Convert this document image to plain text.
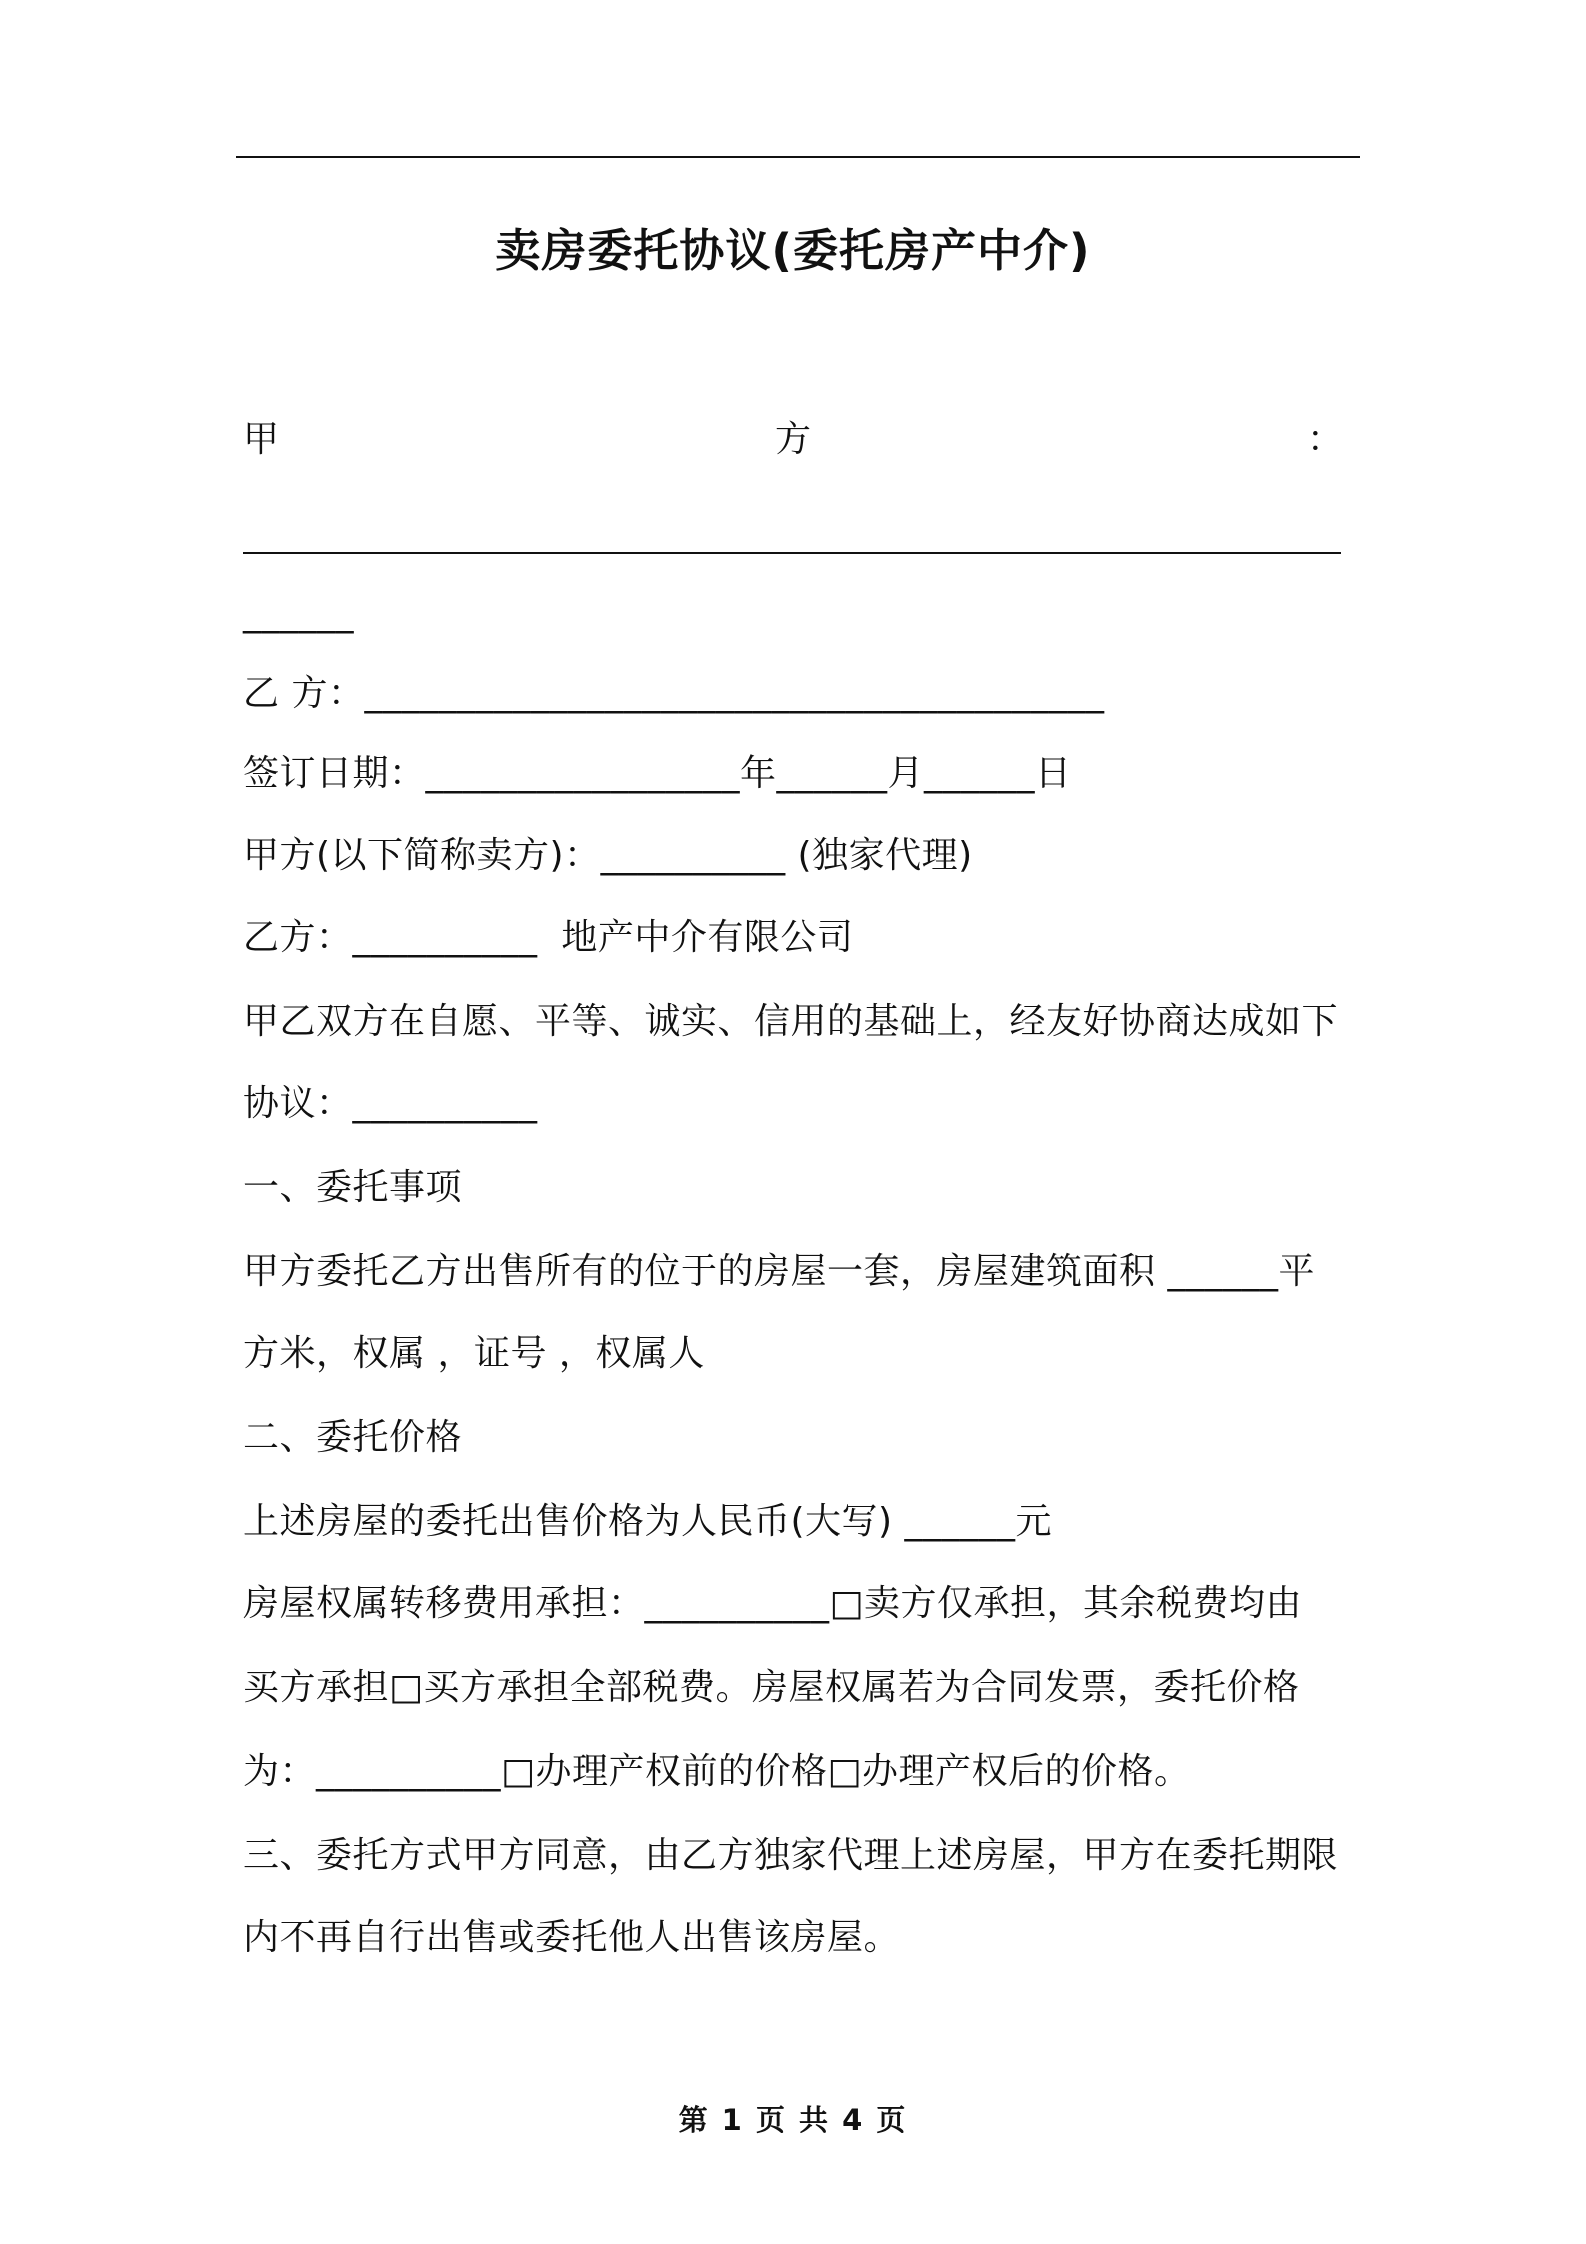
卖房委托协议(委托房产中介)
甲	方	：
______
乙 方：________________________________________
签订日期：_________________年______月______日
甲方(以下简称卖方)：__________ (独家代理)
乙方：__________  地产中介有限公司
甲乙双方在自愿、平等、诚实、信用的基础上，经友好协商达成如下
协议：__________
一、委托事项
甲方委托乙方出售所有的位于的房屋一套，房屋建筑面积 ______平
方米，权属 ，证号 ，权属人
二、委托价格
上述房屋的委托出售价格为人民币(大写) ______元
房屋权属转移费用承担：__________□卖方仅承担，其余税费均由
买方承担□买方承担全部税费。房屋权属若为合同发票，委托价格
为：__________□办理产权前的价格□办理产权后的价格。
三、委托方式甲方同意，由乙方独家代理上述房屋，甲方在委托期限
内不再自行出售或委托他人出售该房屋。
第 1 页 共 4 页
